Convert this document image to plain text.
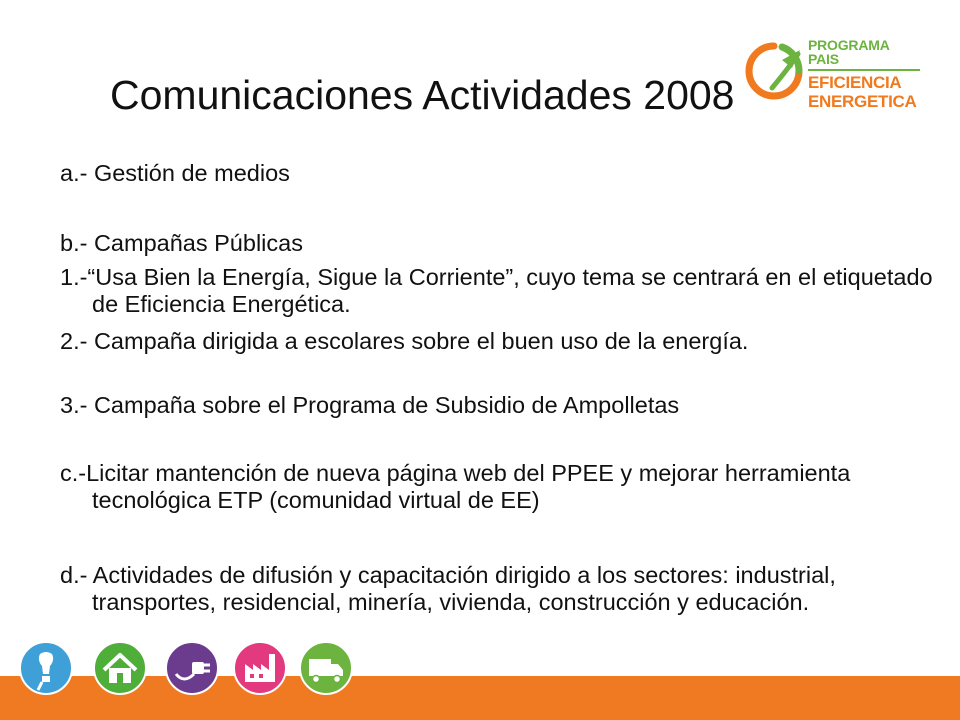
PROGRAMA PAIS
EFICIENCIA
ENERGETICA
Comunicaciones Actividades 2008

a.- Gestión de medios

b.- Campañas Públicas

1.-“Usa Bien la Energía, Sigue la Corriente”, cuyo tema se centrará en el etiquetado de Eficiencia Energética.

2.- Campaña dirigida a escolares sobre el buen uso de la energía.

3.- Campaña sobre el Programa de Subsidio de Ampolletas

c.-Licitar mantención de nueva página web del PPEE y mejorar herramienta tecnológica ETP (comunidad virtual de EE)

d.- Actividades de difusión y capacitación dirigido a los sectores: industrial, transportes, residencial, minería, vivienda, construcción y educación.
